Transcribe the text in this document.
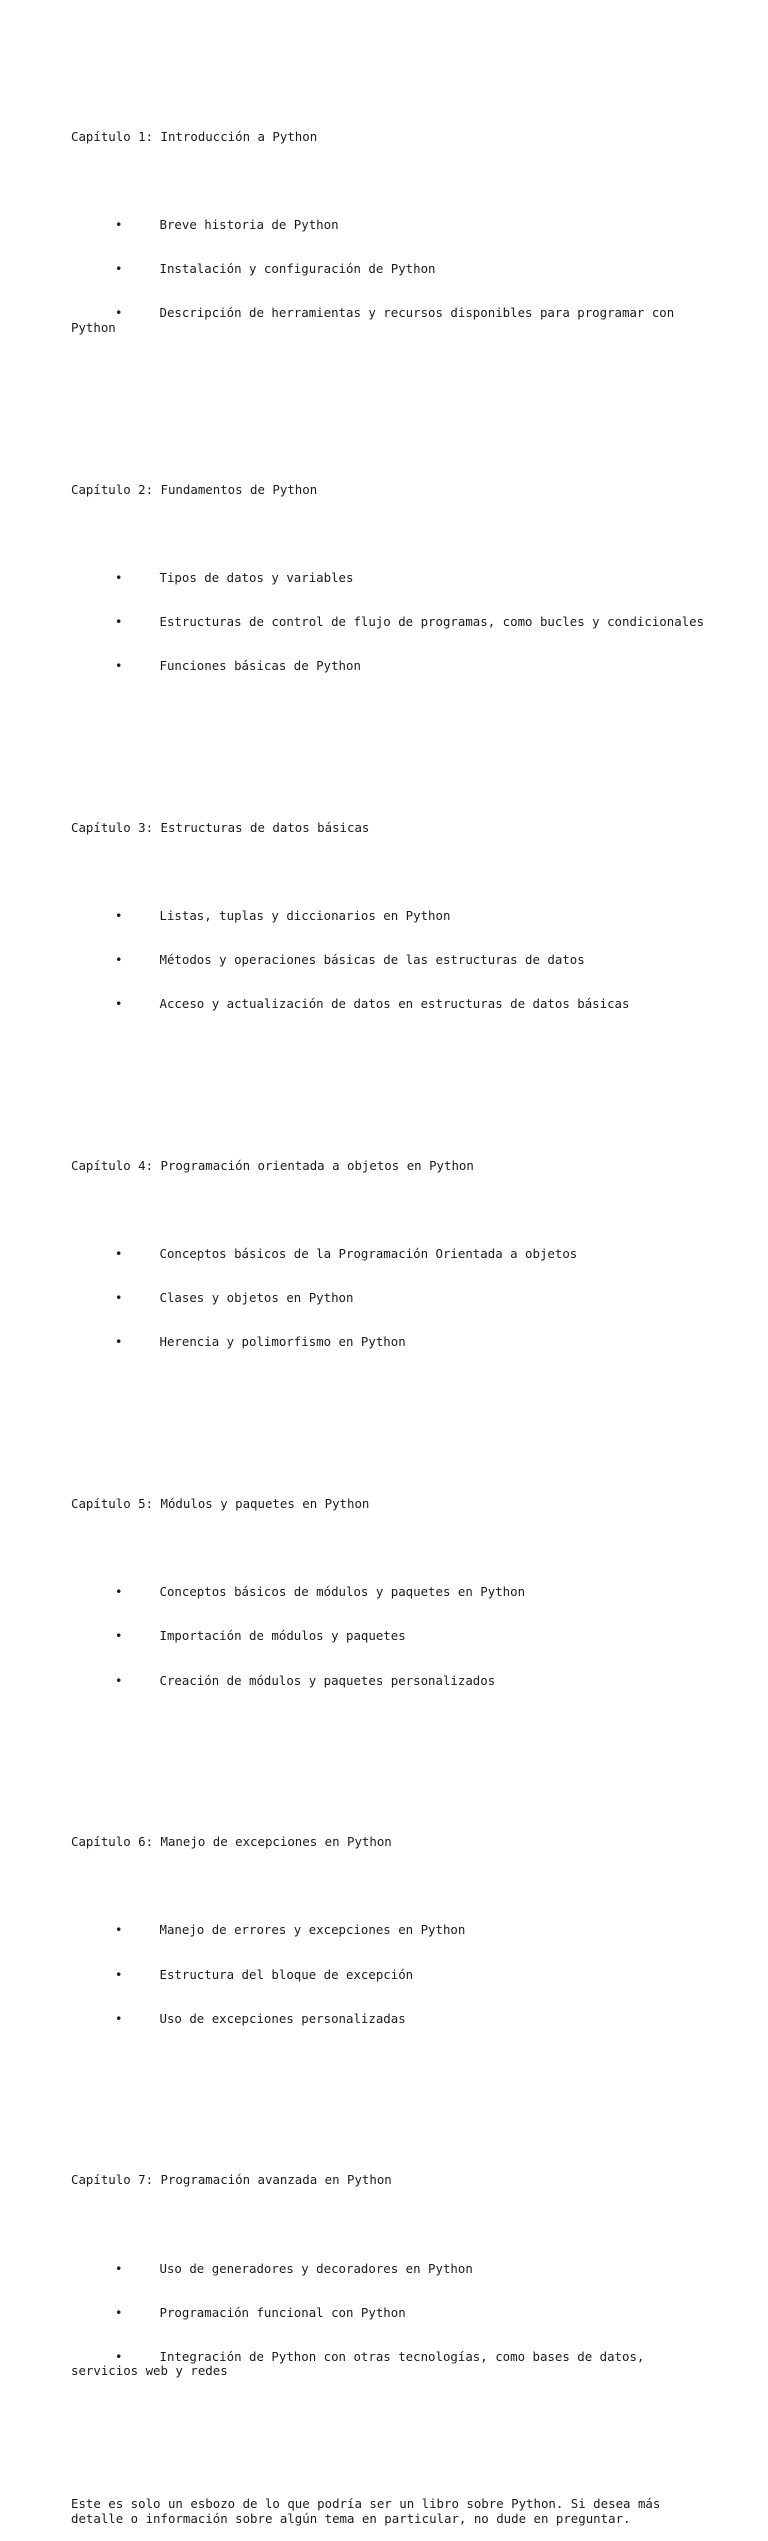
Capítulo 1: Introducción a Python

•	Breve historia de Python

•	Instalación y configuración de Python

•	Descripción de herramientas y recursos disponibles para programar con Python

Capítulo 2: Fundamentos de Python

•	Tipos de datos y variables

•	Estructuras de control de flujo de programas, como bucles y condicionales

•	Funciones básicas de Python

Capítulo 3: Estructuras de datos básicas

•	Listas, tuplas y diccionarios en Python

•	Métodos y operaciones básicas de las estructuras de datos

•	Acceso y actualización de datos en estructuras de datos básicas

Capítulo 4: Programación orientada a objetos en Python

•	Conceptos básicos de la Programación Orientada a objetos

•	Clases y objetos en Python

•	Herencia y polimorfismo en Python

Capítulo 5: Módulos y paquetes en Python

•	Conceptos básicos de módulos y paquetes en Python

•	Importación de módulos y paquetes

•	Creación de módulos y paquetes personalizados

Capítulo 6: Manejo de excepciones en Python

•	Manejo de errores y excepciones en Python

•	Estructura del bloque de excepción

•	Uso de excepciones personalizadas

Capítulo 7: Programación avanzada en Python

•	Uso de generadores y decoradores en Python

•	Programación funcional con Python

•	Integración de Python con otras tecnologías, como bases de datos, servicios web y redes

Este es solo un esbozo de lo que podría ser un libro sobre Python. Si desea más detalle o información sobre algún tema en particular, no dude en preguntar.
